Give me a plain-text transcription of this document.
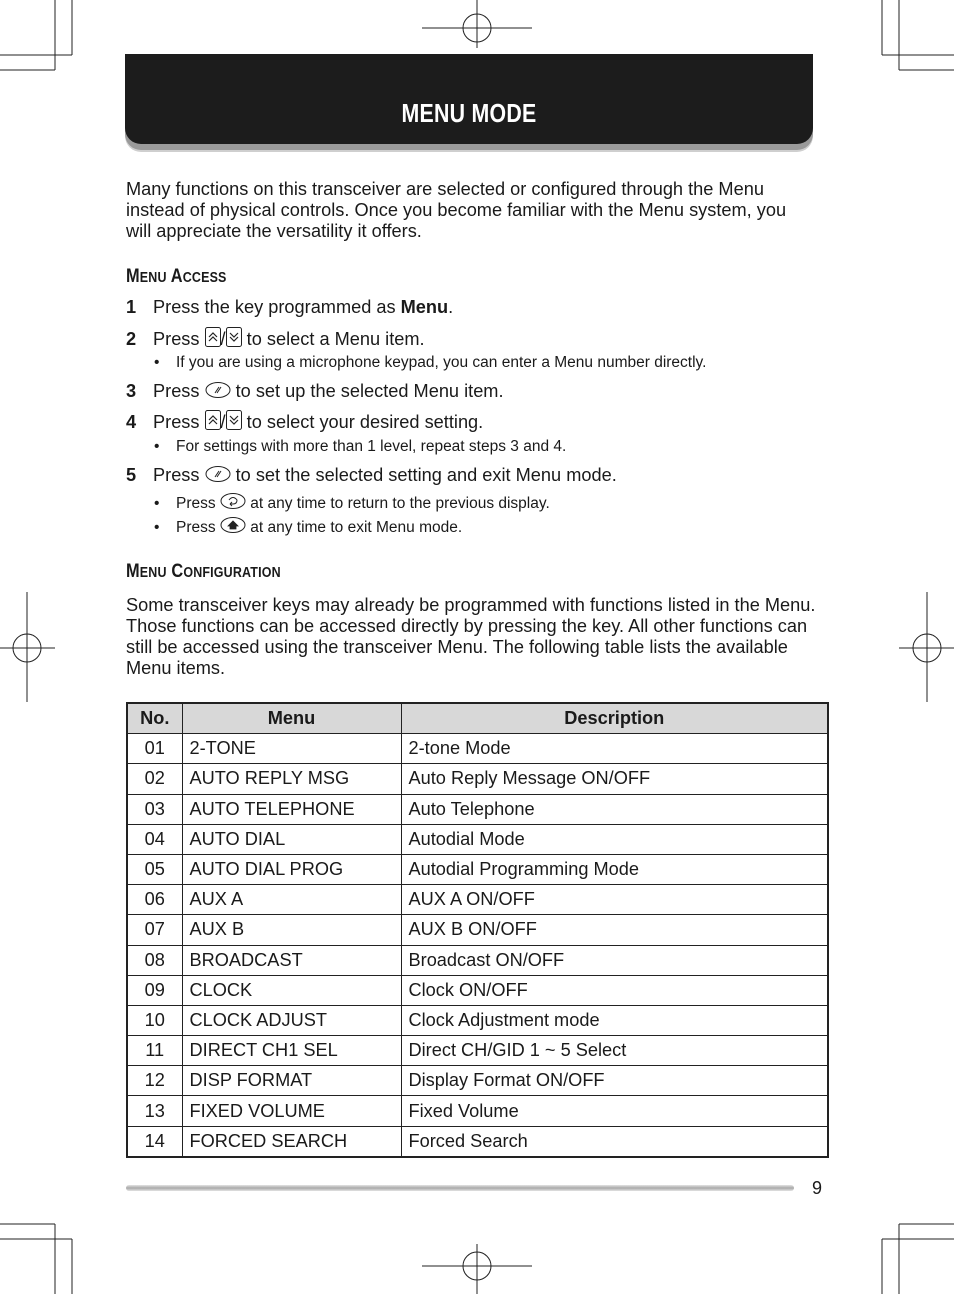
MENU MODE

Many functions on this transceiver are selected or configured through the Menu instead of physical controls. Once you become familiar with the Menu system, you will appreciate the versatility it offers.

MENU ACCESS
1 Press the key programmed as Menu.
2 Press / to select a Menu item.
• If you are using a microphone keypad, you can enter a Menu number directly.
3 Press  to set up the selected Menu item.
4 Press / to select your desired setting.
• For settings with more than 1 level, repeat steps 3 and 4.
5 Press  to set the selected setting and exit Menu mode.
• Press  at any time to return to the previous display.
• Press  at any time to exit Menu mode.
MENU CONFIGURATION

Some transceiver keys may already be programmed with functions listed in the Menu. Those functions can be accessed directly by pressing the key. All other functions can still be accessed using the transceiver Menu. The following table lists the available Menu items.

No.	Menu	Description
01	2-TONE	2-tone Mode
02	AUTO REPLY MSG	Auto Reply Message ON/OFF
03	AUTO TELEPHONE	Auto Telephone
04	AUTO DIAL	Autodial Mode
05	AUTO DIAL PROG	Autodial Programming Mode
06	AUX A	AUX A ON/OFF
07	AUX B	AUX B ON/OFF
08	BROADCAST	Broadcast ON/OFF
09	CLOCK	Clock ON/OFF
10	CLOCK ADJUST	Clock Adjustment mode
11	DIRECT CH1 SEL	Direct CH/GID 1 ~ 5 Select
12	DISP FORMAT	Display Format ON/OFF
13	FIXED VOLUME	Fixed Volume
14	FORCED SEARCH	Forced Search
9
